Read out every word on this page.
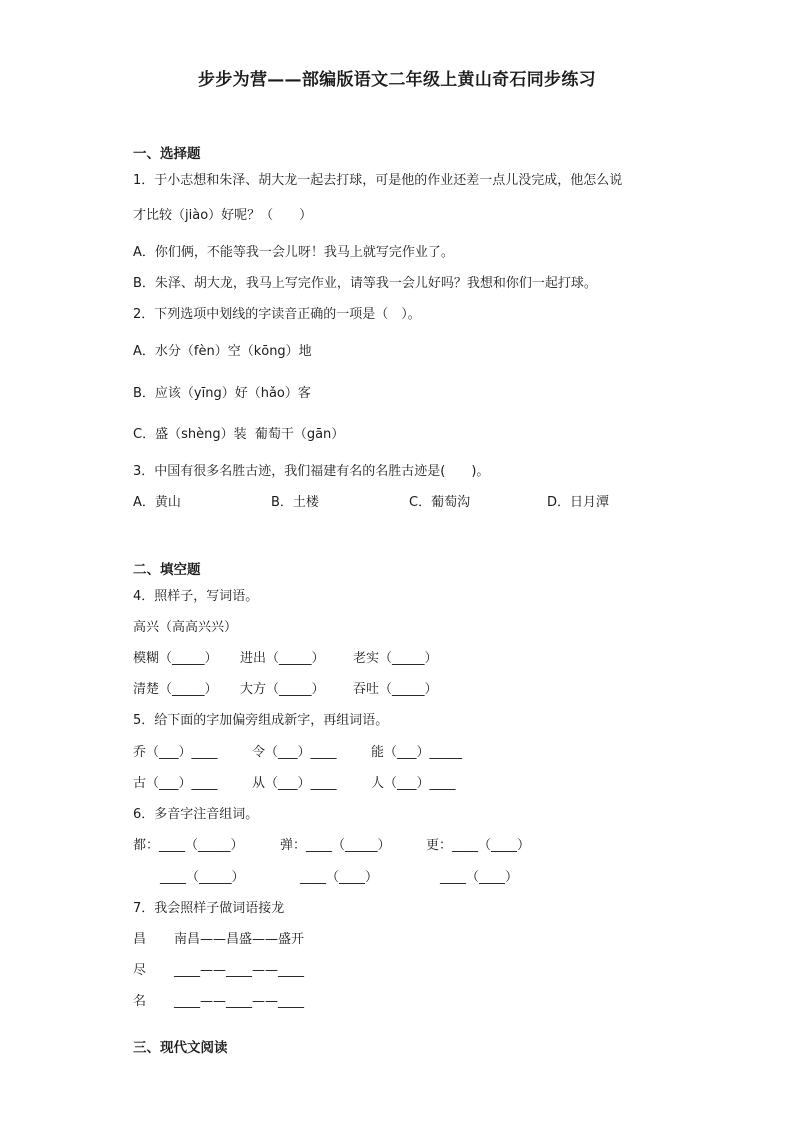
步步为营——部编版语文二年级上黄山奇石同步练习
一、选择题
1．于小志想和朱泽、胡大龙一起去打球，可是他的作业还差一点儿没完成，他怎么说
才比较（jiào）好呢？（　　）
A．你们俩，不能等我一会儿呀！我马上就写完作业了。
B．朱泽、胡大龙，我马上写完作业，请等我一会儿好吗？我想和你们一起打球。
2．下列选项中划线的字读音正确的一项是（　）。
A．水分（fèn）空（kōng）地
B．应该（yīng）好（hǎo）客
C．盛（shèng）装  葡萄干（gān）
3．中国有很多名胜古迹，我们福建有名的名胜古迹是(　　)。
A．黄山	B．土楼	C．葡萄沟	D．日月潭
二、填空题
4．照样子，写词语。
高兴（高高兴兴）
模糊（_____） 进出（_____） 老实（_____）
清楚（_____） 大方（_____） 吞吐（_____）
5．给下面的字加偏旁组成新字，再组词语。
乔（___）____	令（___）____	能（___）_____
古（___）____	从（___）____	人（___）____
6．多音字注音组词。
都：____（_____）	弹：____（_____）	更：____（____）
____（_____）	____（____）	____（____）
7．我会照样子做词语接龙
昌 南昌——昌盛——盛开
尽 ____——____——____
名 ____——____——____
三、现代文阅读
